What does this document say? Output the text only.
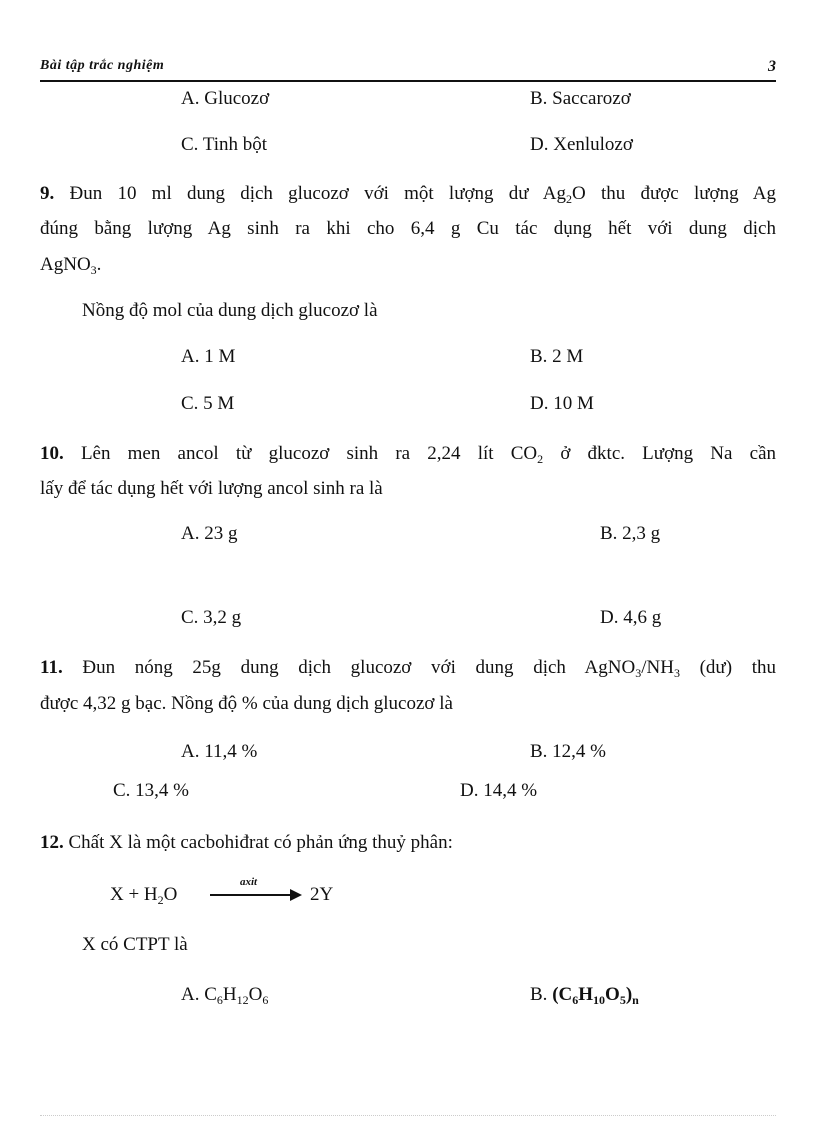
Bài tập trắc nghiệm	3
A. Glucozơ	B. Saccarozơ
C. Tinh bột	D. Xenlulozơ
9. Đun 10 ml dung dịch glucozơ với một lượng dư $Ag_2O$ thu được lượng Ag
đúng bằng lượng Ag sinh ra khi cho 6,4 g Cu tác dụng hết với dung dịch
AgNO$_3$.
Nồng độ mol của dung dịch glucozơ là
A. 1 M	B. 2 M
C. 5 M	D. 10 M
10. Lên men ancol từ glucozơ sinh ra 2,24 lít $CO_2$ ở đktc. Lượng Na cần
lấy để tác dụng hết với lượng ancol sinh ra là
A. 23 g	B. 2,3 g
C. 3,2 g	D. 4,6 g
11. Đun nóng 25g dung dịch glucozơ với dung dịch $AgNO_3/NH_3$ (dư) thu
được 4,32 g bạc. Nồng độ % của dung dịch glucozơ là
A. 11,4 %	B. 12,4 %
C. 13,4 %	D. 14,4 %
12. Chất X là một cacbohiđrat có phản ứng thuỷ phân:
$X + H_2O$
axit
2Y
X có CTPT là
A. $C_6H_{12}O_6$	B. $(C_6H_{10}O_5)_n$
